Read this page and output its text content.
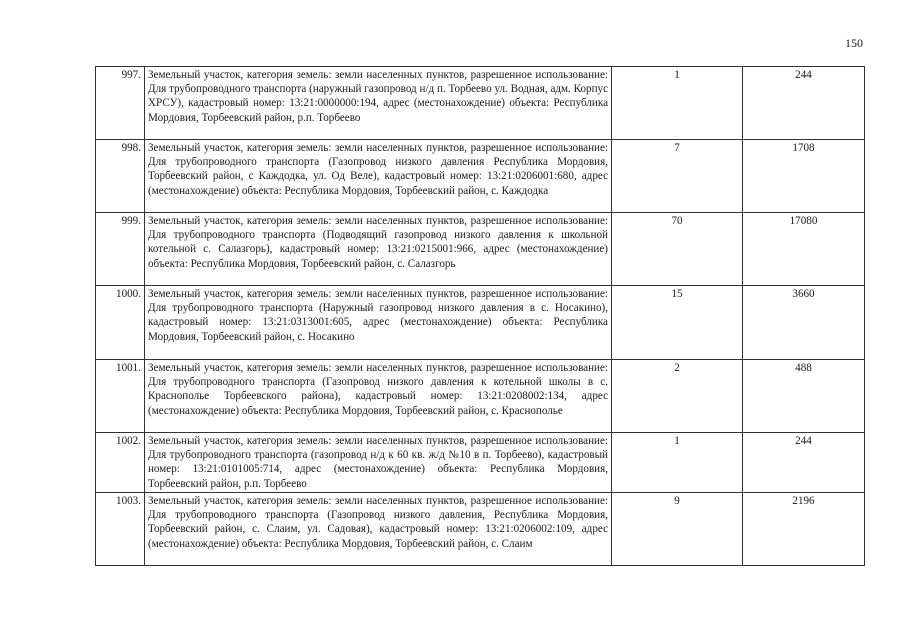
150
997.	Земельный участок, категория земель: земли населенных пунктов, разрешенное использование: Для трубопроводного транспорта (наружный газопровод н/д п. Торбеево ул. Водная, адм. Корпус ХРСУ), кадастровый номер: 13:21:0000000:194, адрес (местонахождение) объекта: Республика Мордовия, Торбеевский район, р.п. Торбеево	1	244
998.	Земельный участок, категория земель: земли населенных пунктов, разрешенное использование: Для трубопроводного транспорта (Газопровод низкого давления Республика Мордовия, Торбеевский район, с Каждодка, ул. Од Веле), кадастровый номер: 13:21:0206001:680, адрес (местонахождение) объекта: Республика Мордовия, Торбеевский район, с. Каждодка	7	1708
999.	Земельный участок, категория земель: земли населенных пунктов, разрешенное использование: Для трубопроводного транспорта (Подводящий газопровод низкого давления к школьной котельной с. Салазгорь), кадастровый номер: 13:21:0215001:966, адрес (местонахождение) объекта: Республика Мордовия, Торбеевский район, с. Салазгорь	70	17080
1000.	Земельный участок, категория земель: земли населенных пунктов, разрешенное использование: Для трубопроводного транспорта (Наружный газопровод низкого давления в с. Носакино), кадастровый номер: 13:21:0313001:605, адрес (местонахождение) объекта: Республика Мордовия, Торбеевский район, с. Носакино	15	3660
1001.	Земельный участок, категория земель: земли населенных пунктов, разрешенное использование: Для трубопроводного транспорта (Газопровод низкого давления к котельной школы в с. Краснополье Торбеевского района), кадастровый номер: 13:21:0208002:134, адрес (местонахождение) объекта: Республика Мордовия, Торбеевский район, с. Краснополье	2	488
1002.	Земельный участок, категория земель: земли населенных пунктов, разрешенное использование: Для трубопроводного транспорта (газопровод н/д к 60 кв. ж/д №10 в п. Торбеево), кадастровый номер: 13:21:0101005:714, адрес (местонахождение) объекта: Республика Мордовия, Торбеевский район, р.п. Торбеево	1	244
1003.	Земельный участок, категория земель: земли населенных пунктов, разрешенное использование: Для трубопроводного транспорта (Газопровод низкого давления, Республика Мордовия, Торбеевский район, с. Слаим, ул. Садовая), кадастровый номер: 13:21:0206002:109, адрес (местонахождение) объекта: Республика Мордовия, Торбеевский район, с. Слаим	9	2196
